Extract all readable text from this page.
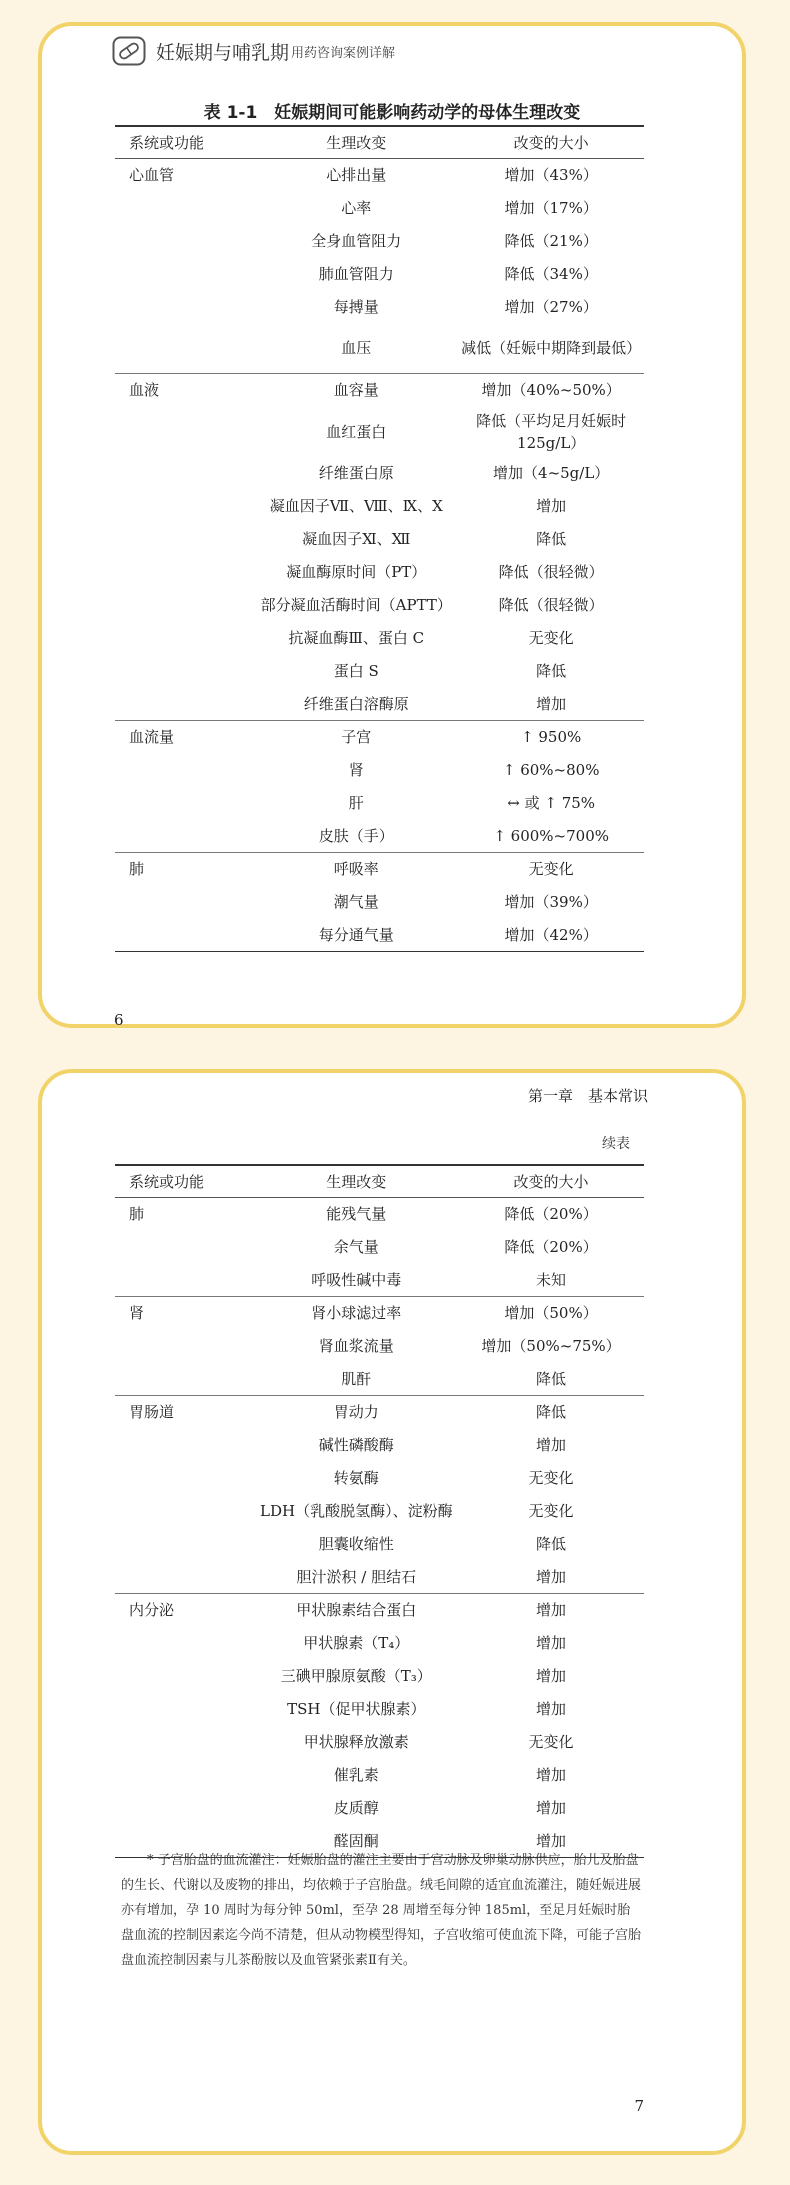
妊娠期与哺乳期 用药咨询案例详解
表 1-1　妊娠期间可能影响药动学的母体生理改变
系统或功能	生理改变	改变的大小
心血管	心排出量	增加（43%）
	心率	增加（17%）
	全身血管阻力	降低（21%）
	肺血管阻力	降低（34%）
	每搏量	增加（27%）
	血压	减低（妊娠中期降到最低）
血液	血容量	增加（40%~50%）
	血红蛋白	降低（平均足月妊娠时 125g/L）
	纤维蛋白原	增加（4~5g/L）
	凝血因子Ⅶ、Ⅷ、Ⅸ、Ⅹ	增加
	凝血因子Ⅺ、Ⅻ	降低
	凝血酶原时间（PT）	降低（很轻微）
	部分凝血活酶时间（APTT）	降低（很轻微）
	抗凝血酶Ⅲ、蛋白 C	无变化
	蛋白 S	降低
	纤维蛋白溶酶原	增加
血流量	子宫	↑ 950%
	肾	↑ 60%~80%
	肝	↔ 或 ↑ 75%
	皮肤（手）	↑ 600%~700%
肺	呼吸率	无变化
	潮气量	增加（39%）
	每分通气量	增加（42%）
6
第一章　基本常识
续表
系统或功能	生理改变	改变的大小
肺	能残气量	降低（20%）
	余气量	降低（20%）
	呼吸性碱中毒	未知
肾	肾小球滤过率	增加（50%）
	肾血浆流量	增加（50%~75%）
	肌酐	降低
胃肠道	胃动力	降低
	碱性磷酸酶	增加
	转氨酶	无变化
	LDH（乳酸脱氢酶）、淀粉酶	无变化
	胆囊收缩性	降低
	胆汁淤积 / 胆结石	增加
内分泌	甲状腺素结合蛋白	增加
	甲状腺素（T₄）	增加
	三碘甲腺原氨酸（T₃）	增加
	TSH（促甲状腺素）	增加
	甲状腺释放激素	无变化
	催乳素	增加
	皮质醇	增加
	醛固酮	增加

* 子宫胎盘的血流灌注：妊娠胎盘的灌注主要由于宫动脉及卵巢动脉供应，胎儿及胎盘的生长、代谢以及废物的排出，均依赖于子宫胎盘。绒毛间隙的适宜血流灌注，随妊娠进展亦有增加，孕 10 周时为每分钟 50ml，至孕 28 周增至每分钟 185ml，至足月妊娠时胎盘血流的控制因素迄今尚不清楚，但从动物模型得知，子宫收缩可使血流下降，可能子宫胎盘血流控制因素与儿茶酚胺以及血管紧张素Ⅱ有关。

7
